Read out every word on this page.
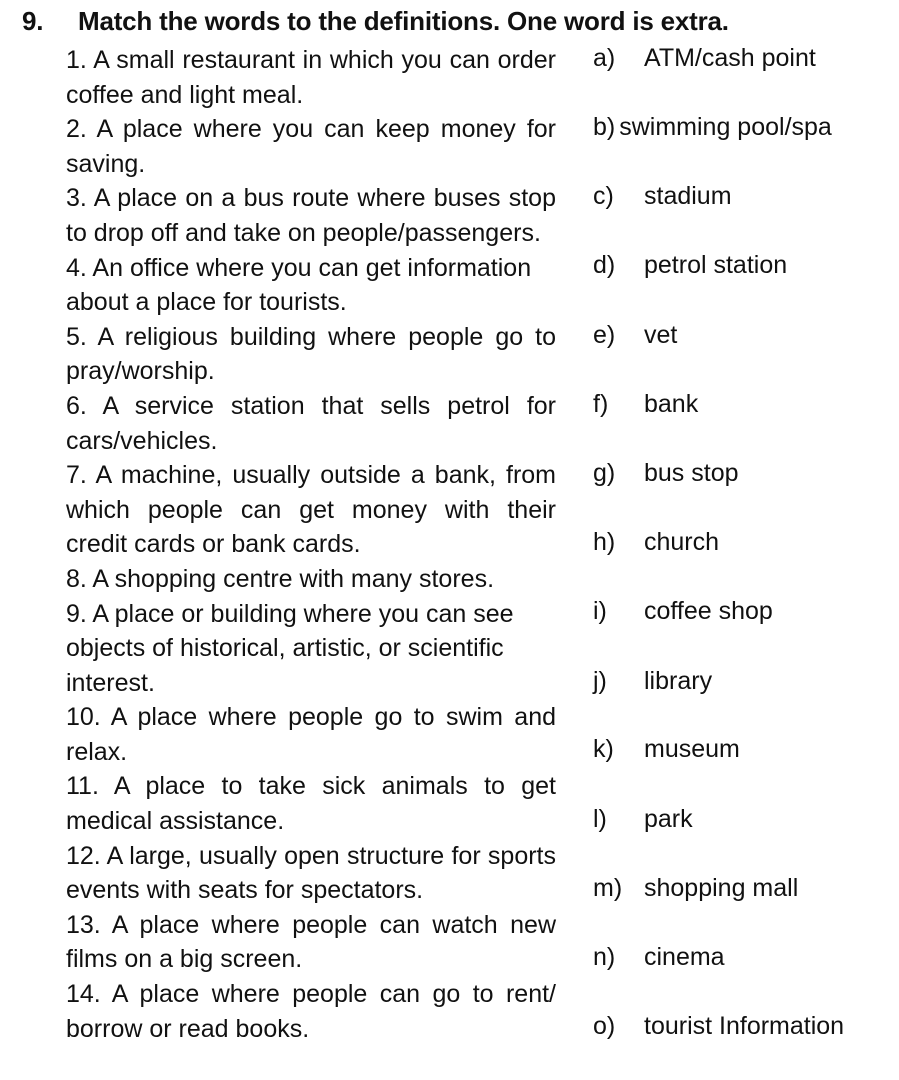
9. Match the words to the definitions. One word is extra.

1. A small restaurant in which you can order coffee and light meal.

2. A place where you can keep money for saving.

3. A place on a bus route where buses stop to drop off and take on people/passengers.

4. An office where you can get information about a place for tourists.

5. A religious building where people go to pray/worship.

6. A service station that sells petrol for cars/vehicles.

7. A machine, usually outside a bank, from which people can get money with their credit cards or bank cards.

8. A shopping centre with many stores.

9. A place or building where you can see objects of historical, artistic, or scientific interest.

10. A place where people go to swim and relax.

11. A place to take sick animals to get medical assistance.

12. A large, usually open structure for sports events with seats for spectators.

13. A place where people can watch new films on a big screen.

14. A place where people can go to rent/ borrow or read books.

a) ATM/cash point
b) swimming pool/spa
c) stadium
d) petrol station
e) vet
f) bank
g) bus stop
h) church
i) coffee shop
j) library
k) museum
l) park
m) shopping mall
n) cinema
o) tourist Information
